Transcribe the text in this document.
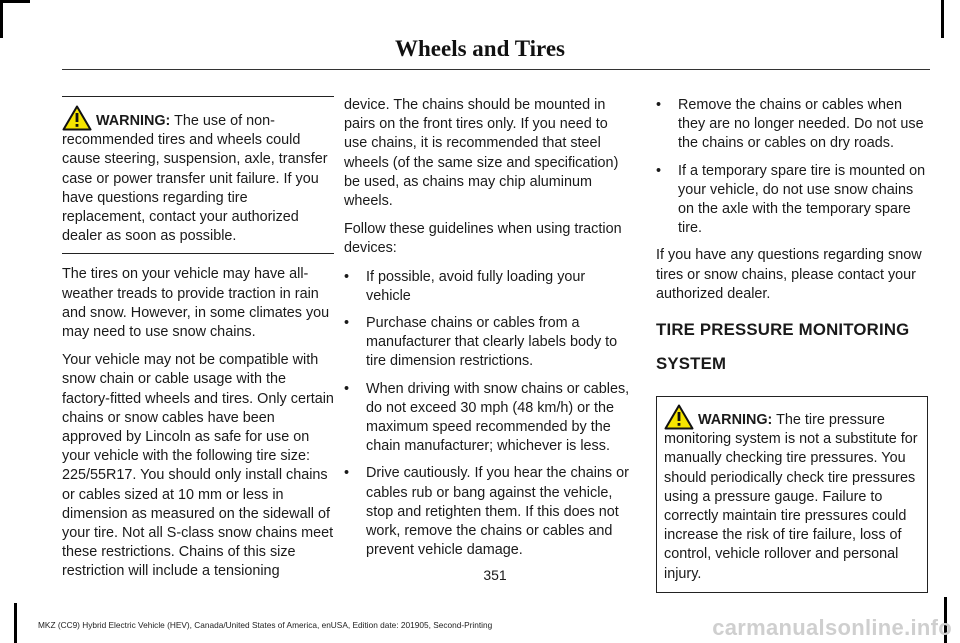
Wheels and Tires
WARNING: The use of non-recommended tires and wheels could cause steering, suspension, axle, transfer case or power transfer unit failure. If you have questions regarding tire replacement, contact your authorized dealer as soon as possible.

The tires on your vehicle may have all-weather treads to provide traction in rain and snow. However, in some climates you may need to use snow chains.

Your vehicle may not be compatible with snow chain or cable usage with the factory-fitted wheels and tires. Only certain chains or snow cables have been approved by Lincoln as safe for use on your vehicle with the following tire size: 225/55R17. You should only install chains or cables sized at 10 mm or less in dimension as measured on the sidewall of your tire. Not all S-class snow chains meet these restrictions. Chains of this size restriction will include a tensioning

device. The chains should be mounted in pairs on the front tires only. If you need to use chains, it is recommended that steel wheels (of the same size and specification) be used, as chains may chip aluminum wheels.

Follow these guidelines when using traction devices:

•	If possible, avoid fully loading your vehicle
•	Purchase chains or cables from a manufacturer that clearly labels body to tire dimension restrictions.
•	When driving with snow chains or cables, do not exceed 30 mph (48 km/h) or the maximum speed recommended by the chain manufacturer; whichever is less.
•	Drive cautiously. If you hear the chains or cables rub or bang against the vehicle, stop and retighten them. If this does not work, remove the chains or cables and prevent vehicle damage.
•	Remove the chains or cables when they are no longer needed. Do not use the chains or cables on dry roads.
•	If a temporary spare tire is mounted on your vehicle, do not use snow chains on the axle with the temporary spare tire.

If you have any questions regarding snow tires or snow chains, please contact your authorized dealer.

TIRE PRESSURE MONITORING
SYSTEM
WARNING: The tire pressure monitoring system is not a substitute for manually checking tire pressures. You should periodically check tire pressures using a pressure gauge. Failure to correctly maintain tire pressures could increase the risk of tire failure, loss of control, vehicle rollover and personal injury.
351
MKZ (CC9) Hybrid Electric Vehicle (HEV), Canada/United States of America, enUSA, Edition date: 201905, Second-Printing	carmanualsonline.info
